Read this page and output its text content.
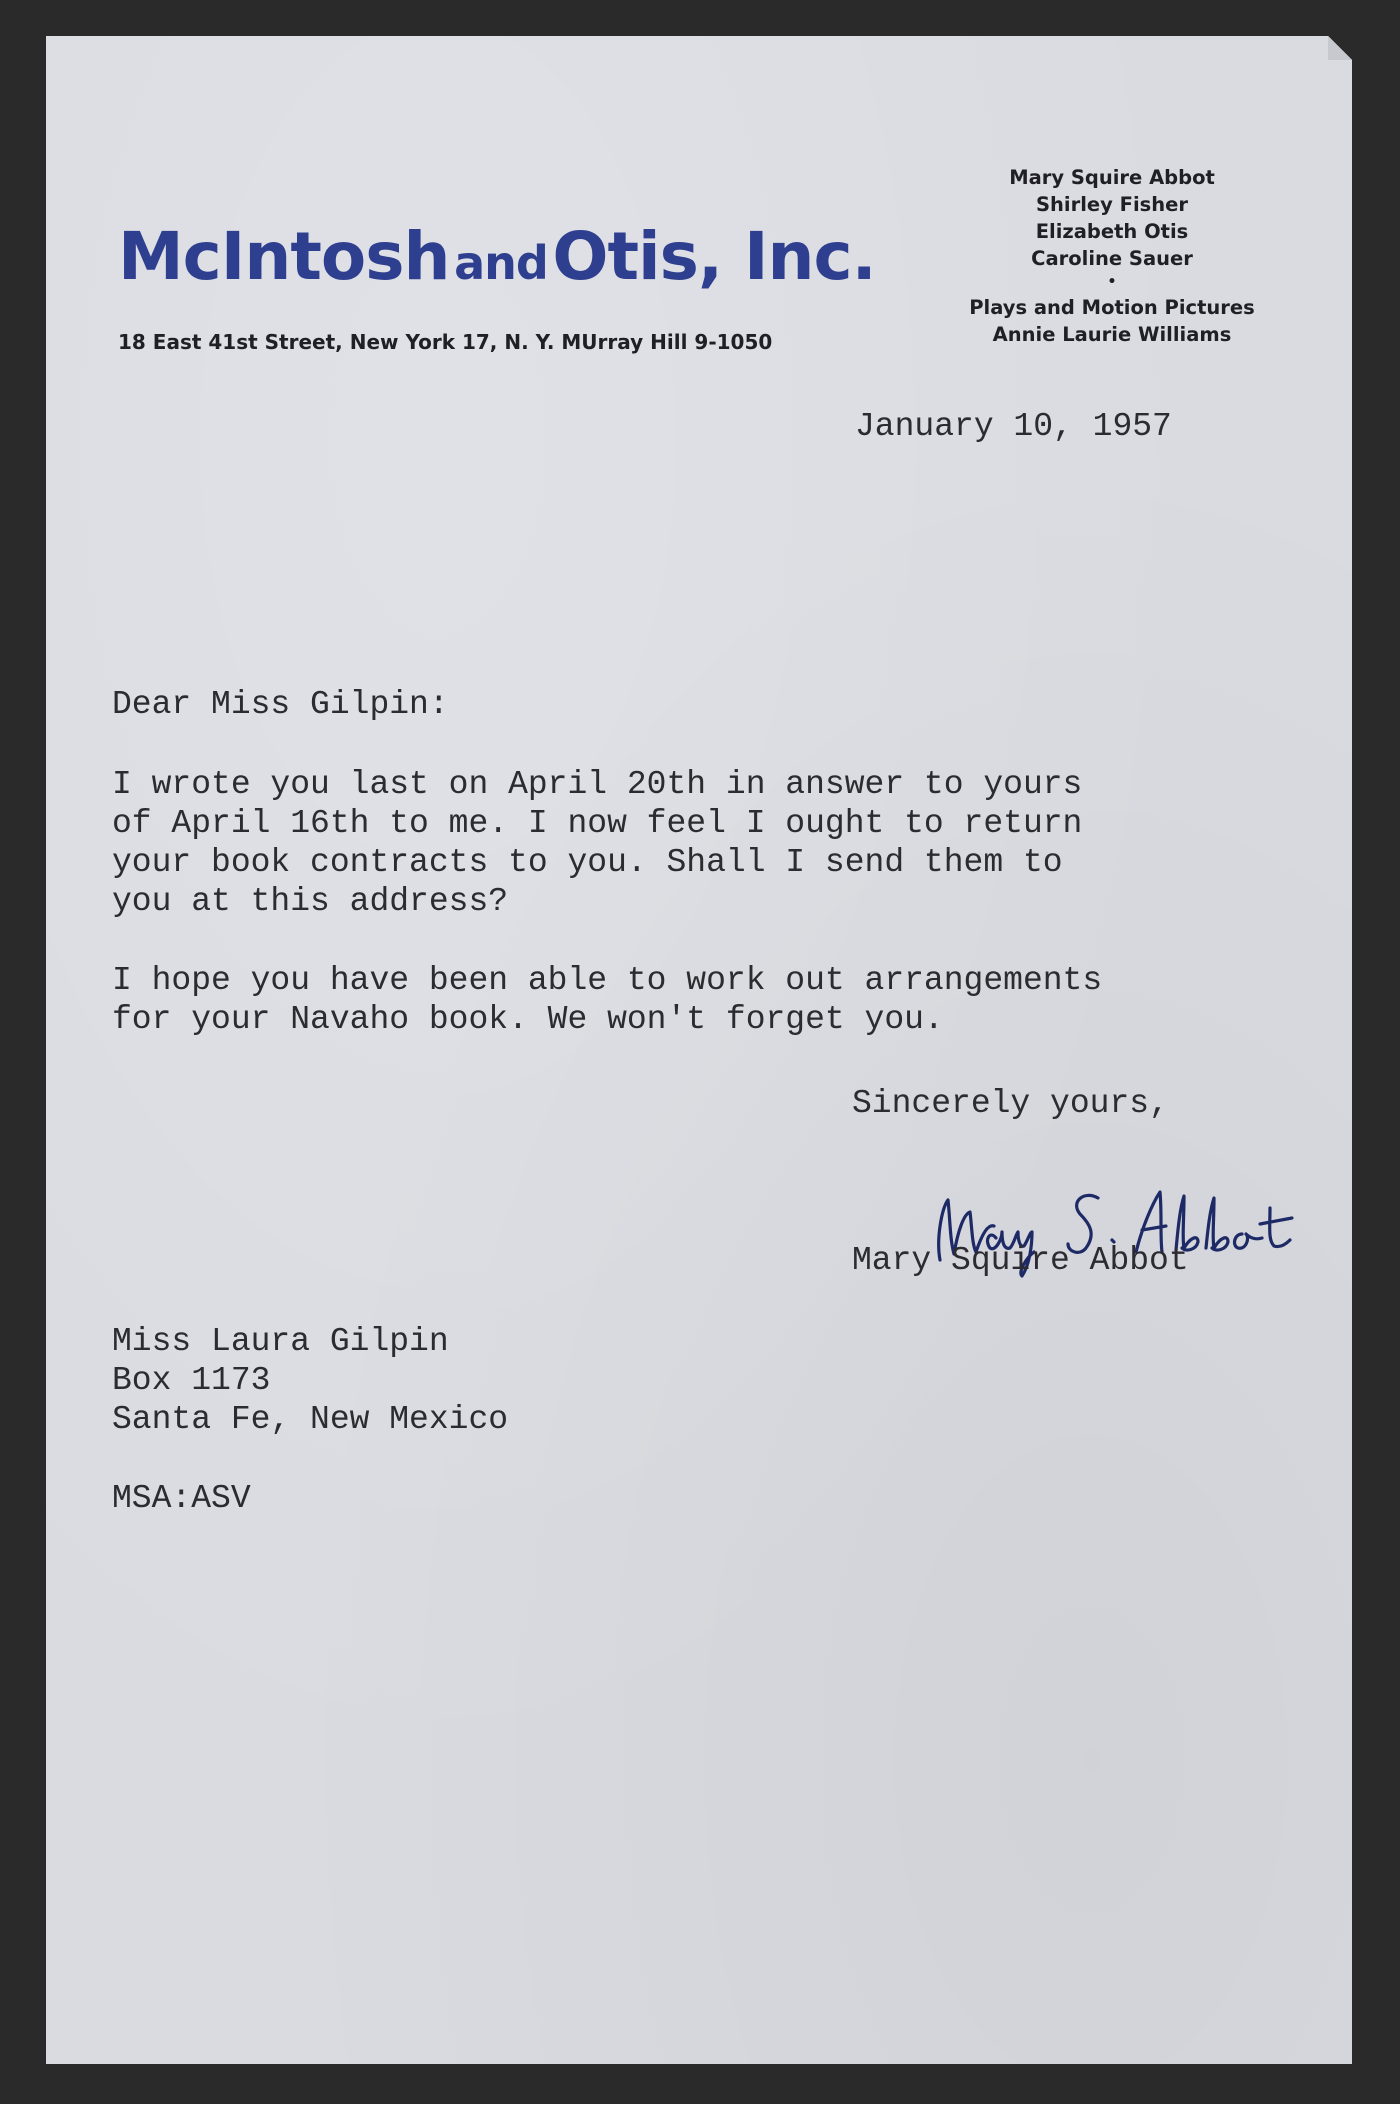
McIntosh and Otis, Inc.
18 East 41st Street, New York 17, N. Y. MUrray Hill 9-1050
Mary Squire Abbot
Shirley Fisher
Elizabeth Otis
Caroline Sauer
•
Plays and Motion Pictures
Annie Laurie Williams
January 10, 1957
Dear Miss Gilpin:
I wrote you last on April 20th in answer to yours
of April 16th to me. I now feel I ought to return
your book contracts to you. Shall I send them to
you at this address?
I hope you have been able to work out arrangements
for your Navaho book. We won't forget you.
Sincerely yours,
Mary Squire Abbot
Miss Laura Gilpin
Box 1173
Santa Fe, New Mexico
MSA:ASV
